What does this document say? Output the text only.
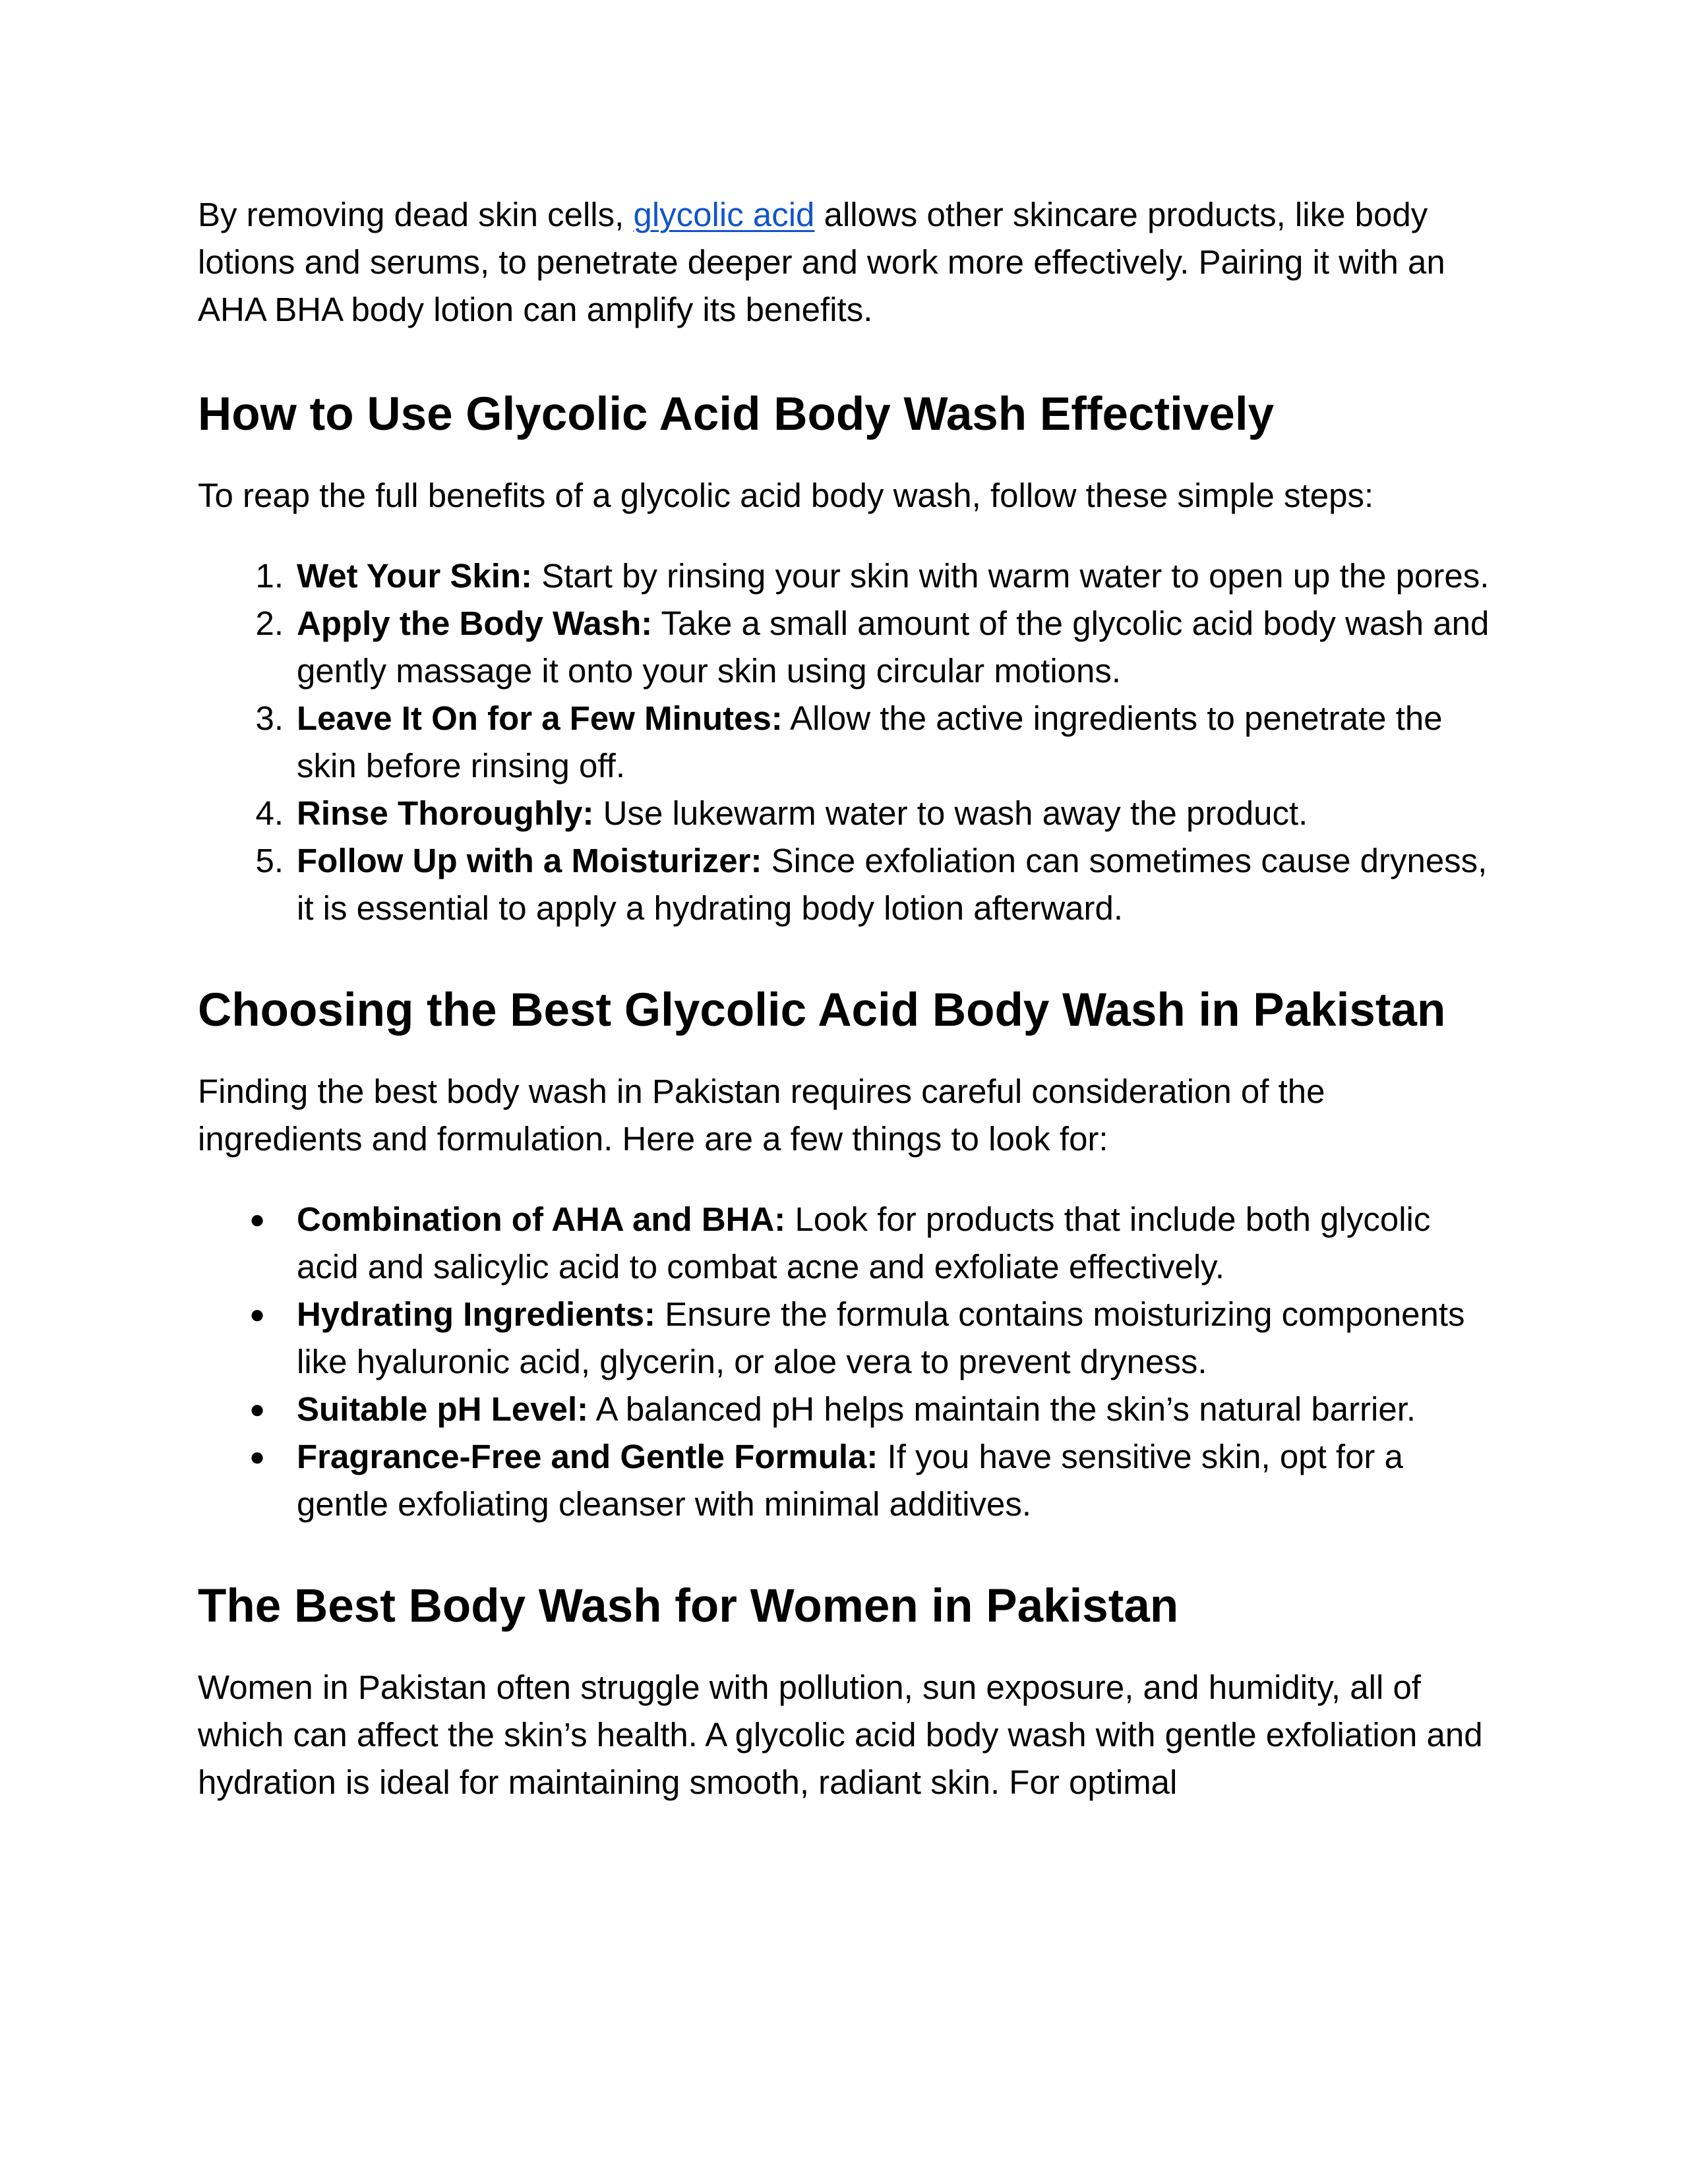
By removing dead skin cells, glycolic acid allows other skincare products, like body lotions and serums, to penetrate deeper and work more effectively. Pairing it with an AHA BHA body lotion can amplify its benefits.

How to Use Glycolic Acid Body Wash Effectively

To reap the full benefits of a glycolic acid body wash, follow these simple steps:

1. Wet Your Skin: Start by rinsing your skin with warm water to open up the pores.
2. Apply the Body Wash: Take a small amount of the glycolic acid body wash and gently massage it onto your skin using circular motions.
3. Leave It On for a Few Minutes: Allow the active ingredients to penetrate the skin before rinsing off.
4. Rinse Thoroughly: Use lukewarm water to wash away the product.
5. Follow Up with a Moisturizer: Since exfoliation can sometimes cause dryness, it is essential to apply a hydrating body lotion afterward.
Choosing the Best Glycolic Acid Body Wash in Pakistan

Finding the best body wash in Pakistan requires careful consideration of the ingredients and formulation. Here are a few things to look for:

● Combination of AHA and BHA: Look for products that include both glycolic acid and salicylic acid to combat acne and exfoliate effectively.
● Hydrating Ingredients: Ensure the formula contains moisturizing components like hyaluronic acid, glycerin, or aloe vera to prevent dryness.
● Suitable pH Level: A balanced pH helps maintain the skin’s natural barrier.
● Fragrance-Free and Gentle Formula: If you have sensitive skin, opt for a gentle exfoliating cleanser with minimal additives.
The Best Body Wash for Women in Pakistan

Women in Pakistan often struggle with pollution, sun exposure, and humidity, all of which can affect the skin’s health. A glycolic acid body wash with gentle exfoliation and hydration is ideal for maintaining smooth, radiant skin. For optimal
